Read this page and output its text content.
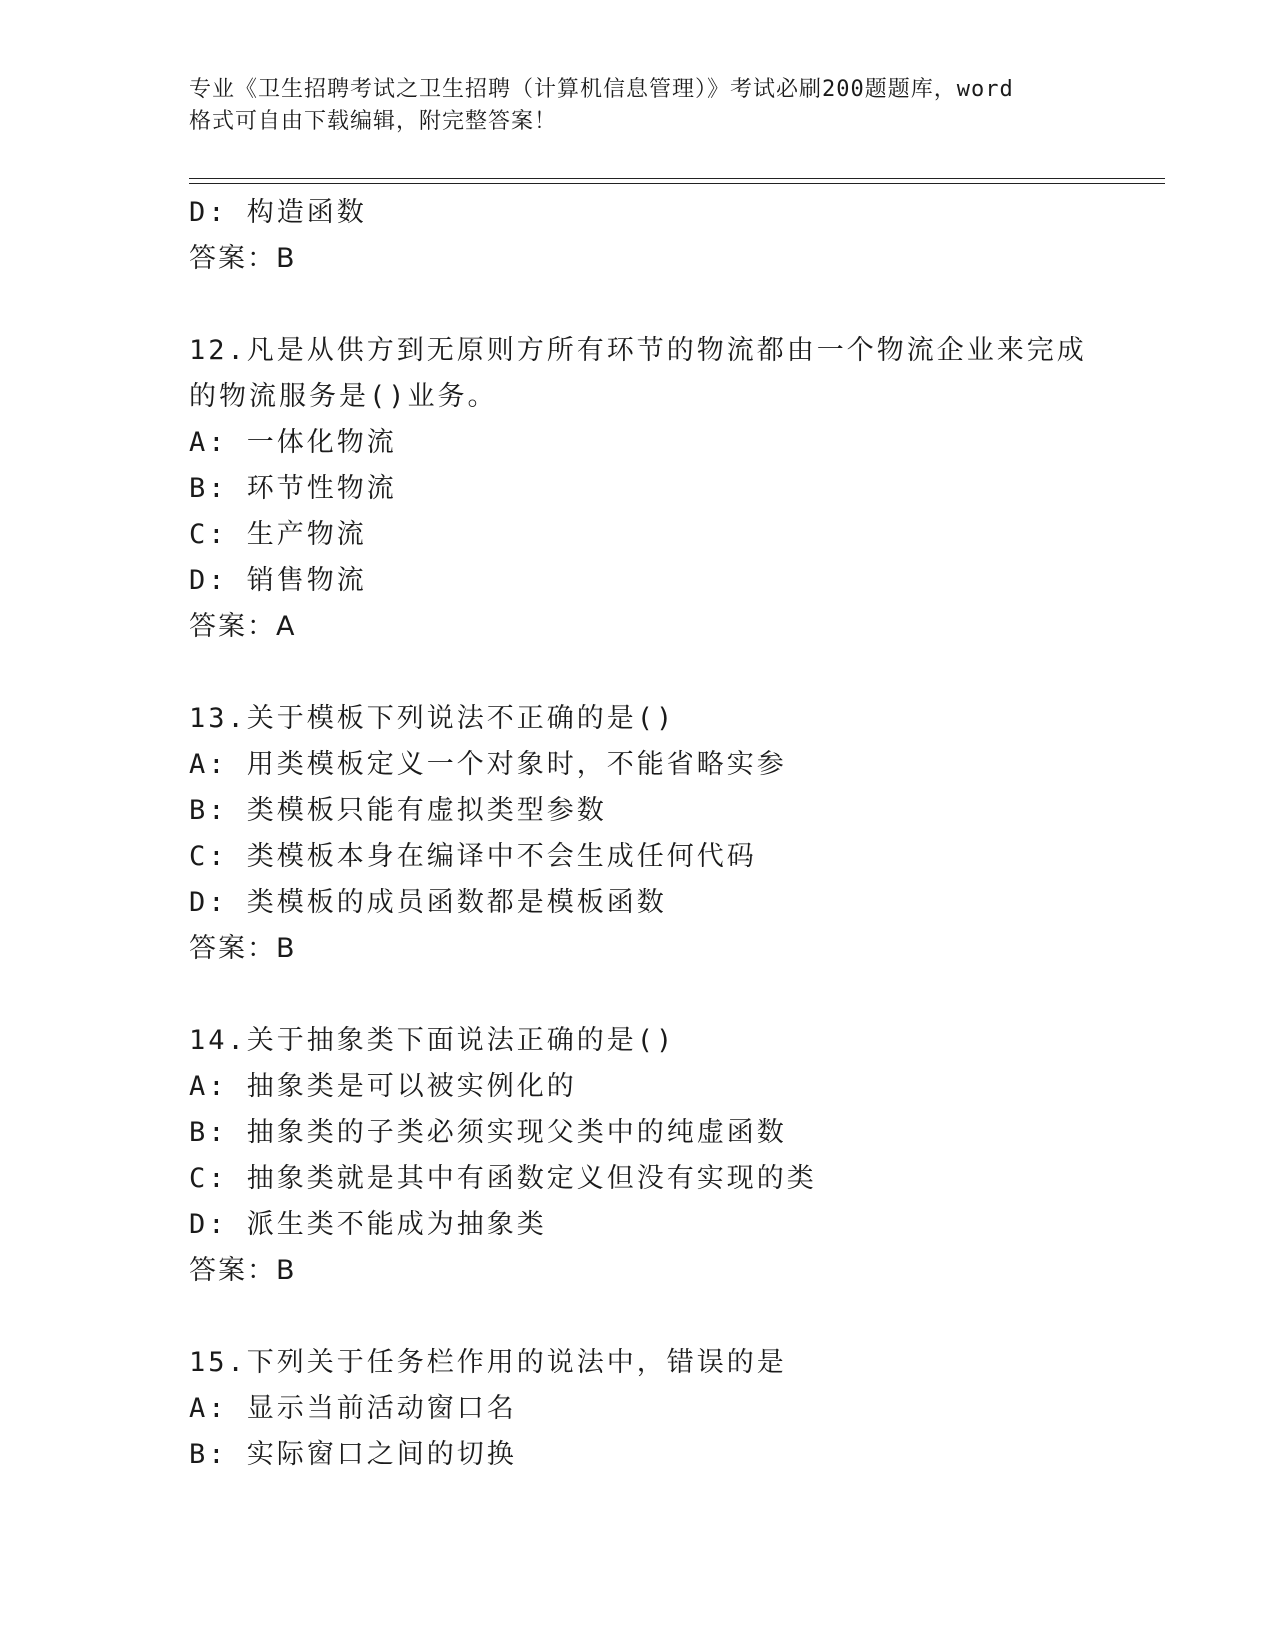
专业《卫生招聘考试之卫生招聘（计算机信息管理）》考试必刷200题题库，word
格式可自由下载编辑，附完整答案！
D: 构造函数
答案：B
12.凡是从供方到无原则方所有环节的物流都由一个物流企业来完成的物流服务是()业务。
A: 一体化物流
B: 环节性物流
C: 生产物流
D: 销售物流
答案：A
13.关于模板下列说法不正确的是()
A: 用类模板定义一个对象时，不能省略实参
B: 类模板只能有虚拟类型参数
C: 类模板本身在编译中不会生成任何代码
D: 类模板的成员函数都是模板函数
答案：B
14.关于抽象类下面说法正确的是()
A: 抽象类是可以被实例化的
B: 抽象类的子类必须实现父类中的纯虚函数
C: 抽象类就是其中有函数定义但没有实现的类
D: 派生类不能成为抽象类
答案：B
15.下列关于任务栏作用的说法中，错误的是
A: 显示当前活动窗口名
B: 实际窗口之间的切换
